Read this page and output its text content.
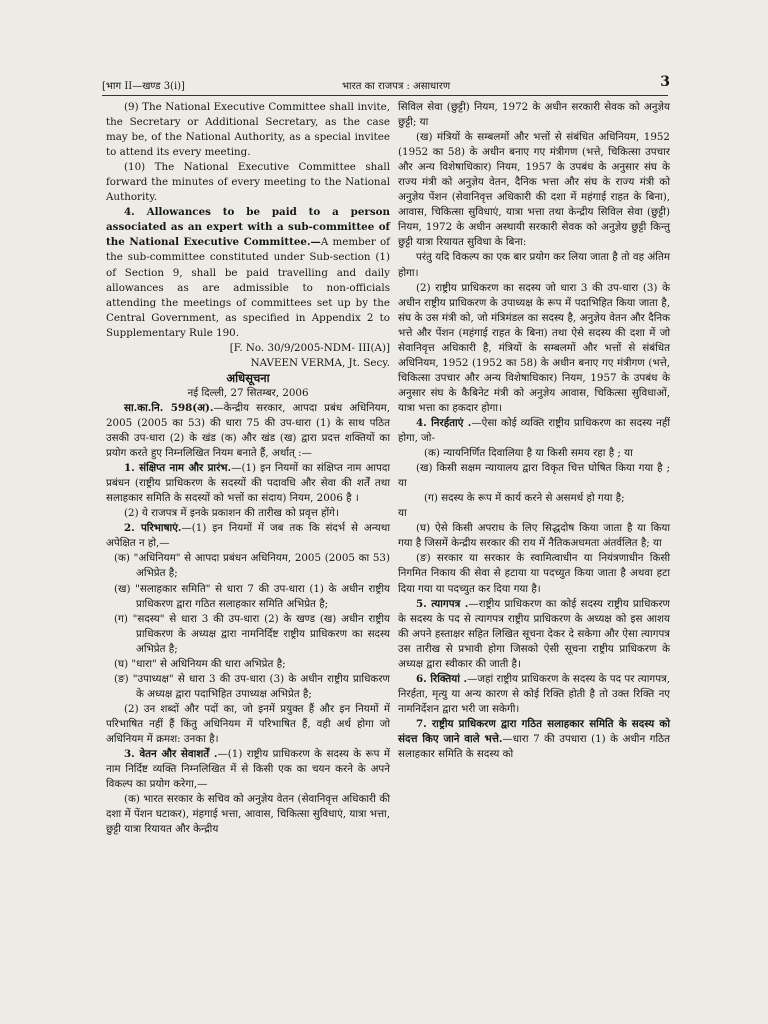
[भाग II—खण्ड 3(i)]	भारत का राजपत्र : असाधारण	3

(9) The National Executive Committee shall invite, the Secretary or Additional Secretary, as the case may be, of the National Authority, as a special invitee to attend its every meeting.

(10) The National Executive Committee shall forward the minutes of every meeting to the National Authority.

4. Allowances to be paid to a person associated as an expert with a sub-committee of the National Executive Committee.—A member of the sub-committee constituted under Sub-section (1) of Section 9, shall be paid travelling and daily allowances as are admissible to non-officials attending the meetings of committees set up by the Central Government, as specified in Appendix 2 to Supplementary Rule 190.

[F. No. 30/9/2005-NDM- III(A)]

NAVEEN VERMA, Jt. Secy.

अधिसूचना

नई दिल्ली, 27 सितम्बर, 2006

सा.का.नि. 598(अ).—केन्द्रीय सरकार, आपदा प्रबंध अधिनियम, 2005 (2005 का 53) की धारा 75 की उप-धारा (1) के साथ पठित उसकी उप-धारा (2) के खंड (क) और खंड (ख) द्वारा प्रदत्त शक्तियों का प्रयोग करते हुए निम्नलिखित नियम बनाते हैं, अर्थात् :—

1. संक्षिप्त नाम और प्रारंभ.—(1) इन नियमों का संक्षिप्त नाम आपदा प्रबंधन (राष्ट्रीय प्राधिकरण के सदस्यों की पदावधि और सेवा की शर्तें तथा सलाहकार समिति के सदस्यों को भत्तों का संदाय) नियम, 2006 है ।

(2) ये राजपत्र में इनके प्रकाशन की तारीख को प्रवृत्त होंगे।

2. परिभाषाएं.—(1) इन नियमों में जब तक कि संदर्भ से अन्यथा अपेक्षित न हो,—

(क) "अधिनियम" से आपदा प्रबंधन अधिनियम, 2005 (2005 का 53) अभिप्रेत है;

(ख) "सलाहकार समिति" से धारा 7 की उप-धारा (1) के अधीन राष्ट्रीय प्राधिकरण द्वारा गठित सलाहकार समिति अभिप्रेत है;

(ग) "सदस्य" से धारा 3 की उप-धारा (2) के खण्ड (ख) अधीन राष्ट्रीय प्राधिकरण के अध्यक्ष द्वारा नामनिर्दिष्ट राष्ट्रीय प्राधिकरण का सदस्य अभिप्रेत है;

(घ) "धारा" से अधिनियम की धारा अभिप्रेत है;

(ङ) "उपाध्यक्ष" से धारा 3 की उप-धारा (3) के अधीन राष्ट्रीय प्राधिकरण के अध्यक्ष द्वारा पदाभिहित उपाध्यक्ष अभिप्रेत है;

(2) उन शब्दों और पदों का, जो इनमें प्रयुक्त हैं और इन नियमों में परिभाषित नहीं हैं किंतु अधिनियम में परिभाषित हैं, वही अर्थ होगा जो अधिनियम में क्रमश: उनका है।

3. वेतन और सेवाशर्तें .—(1) राष्ट्रीय प्राधिकरण के सदस्य के रूप में नाम निर्दिष्ट व्यक्ति निम्नलिखित में से किसी एक का चयन करने के अपने विकल्प का प्रयोग करेगा,—

(क) भारत सरकार के सचिव को अनुज्ञेय वेतन (सेवानिवृत्त अधिकारी की दशा में पेंशन घटाकर), मंहगाई भत्ता, आवास, चिकित्सा सुविधाएं, यात्रा भत्ता, छुट्टी यात्रा रियायत और केन्द्रीय

सिविल सेवा (छुट्टी) नियम, 1972 के अधीन सरकारी सेवक को अनुज्ञेय छुट्टी; या

(ख) मंत्रियों के सम्बलमों और भत्तों से संबंधित अधिनियम, 1952 (1952 का 58) के अधीन बनाए गए मंत्रीगण (भत्ते, चिकित्सा उपचार और अन्य विशेषाधिकार) नियम, 1957 के उपबंध के अनुसार संघ के राज्य मंत्री को अनुज्ञेय वेतन, दैनिक भत्ता और संघ के राज्य मंत्री को अनुज्ञेय पेंशन (सेवानिवृत्त अधिकारी की दशा में महंगाई राहत के बिना), आवास, चिकित्सा सुविधाएं, यात्रा भत्ता तथा केन्द्रीय सिविल सेवा (छुट्टी) नियम, 1972 के अधीन अस्थायी सरकारी सेवक को अनुज्ञेय छुट्टी किन्तु छुट्टी यात्रा रियायत सुविधा के बिना:

परंतु यदि विकल्प का एक बार प्रयोग कर लिया जाता है तो वह अंतिम होगा।

(2) राष्ट्रीय प्राधिकरण का सदस्य जो धारा 3 की उप-धारा (3) के अधीन राष्ट्रीय प्राधिकरण के उपाध्यक्ष के रूप में पदाभिहित किया जाता है, संघ के उस मंत्री को, जो मंत्रिमंडल का सदस्य है, अनुज्ञेय वेतन और दैनिक भत्ते और पेंशन (महंगाई राहत के बिना) तथा ऐसे सदस्य की दशा में जो सेवानिवृत्त अधिकारी है, मंत्रियों के सम्बलमों और भत्तों से संबंधित अधिनियम, 1952 (1952 का 58) के अधीन बनाए गए मंत्रीगण (भत्ते, चिकित्सा उपचार और अन्य विशेषाधिकार) नियम, 1957 के उपबंध के अनुसार संघ के कैबिनेट मंत्री को अनुज्ञेय आवास, चिकित्सा सुविधाओं, यात्रा भत्ता का हकदार होगा।

4. निरर्हताएं .—ऐसा कोई व्यक्ति राष्ट्रीय प्राधिकरण का सदस्य नहीं होगा, जो-

(क) न्यायनिर्णित दिवालिया है या किसी समय रहा है ; या

(ख) किसी सक्षम न्यायालय द्वारा विकृत चित्त घोषित किया गया है ; या

(ग) सदस्य के रूप में कार्य करने से असमर्थ हो गया है;

या

(घ) ऐसे किसी अपराध के लिए सिद्धदोष किया जाता है या किया गया है जिसमें केन्द्रीय सरकार की राय में नैतिकअधमता अंतर्वलित है; या

(ङ) सरकार या सरकार के स्वामित्वाधीन या नियंत्रणाधीन किसी निगमित निकाय की सेवा से हटाया या पदच्युत किया जाता है अथवा हटा दिया गया या पदच्युत कर दिया गया है।

5. त्यागपत्र .—राष्ट्रीय प्राधिकरण का कोई सदस्य राष्ट्रीय प्राधिकरण के सदस्य के पद से त्यागपत्र राष्ट्रीय प्राधिकरण के अध्यक्ष को इस आशय की अपने हस्ताक्षर सहित लिखित सूचना देकर दे सकेगा और ऐसा त्यागपत्र उस तारीख से प्रभावी होगा जिसको ऐसी सूचना राष्ट्रीय प्राधिकरण के अध्यक्ष द्वारा स्वीकार की जाती है।

6. रिक्तियां .—जहां राष्ट्रीय प्राधिकरण के सदस्य के पद पर त्यागपत्र, निरर्हता, मृत्यु या अन्य कारण से कोई रिक्ति होती है तो उक्त रिक्ति नए नामनिर्देशन द्वारा भरी जा सकेगी।

7. राष्ट्रीय प्राधिकरण द्वारा गठित सलाहकार समिति के सदस्य को संदत्त किए जाने वाले भत्ते.—धारा 7 की उपधारा (1) के अधीन गठित सलाहकार समिति के सदस्य को
